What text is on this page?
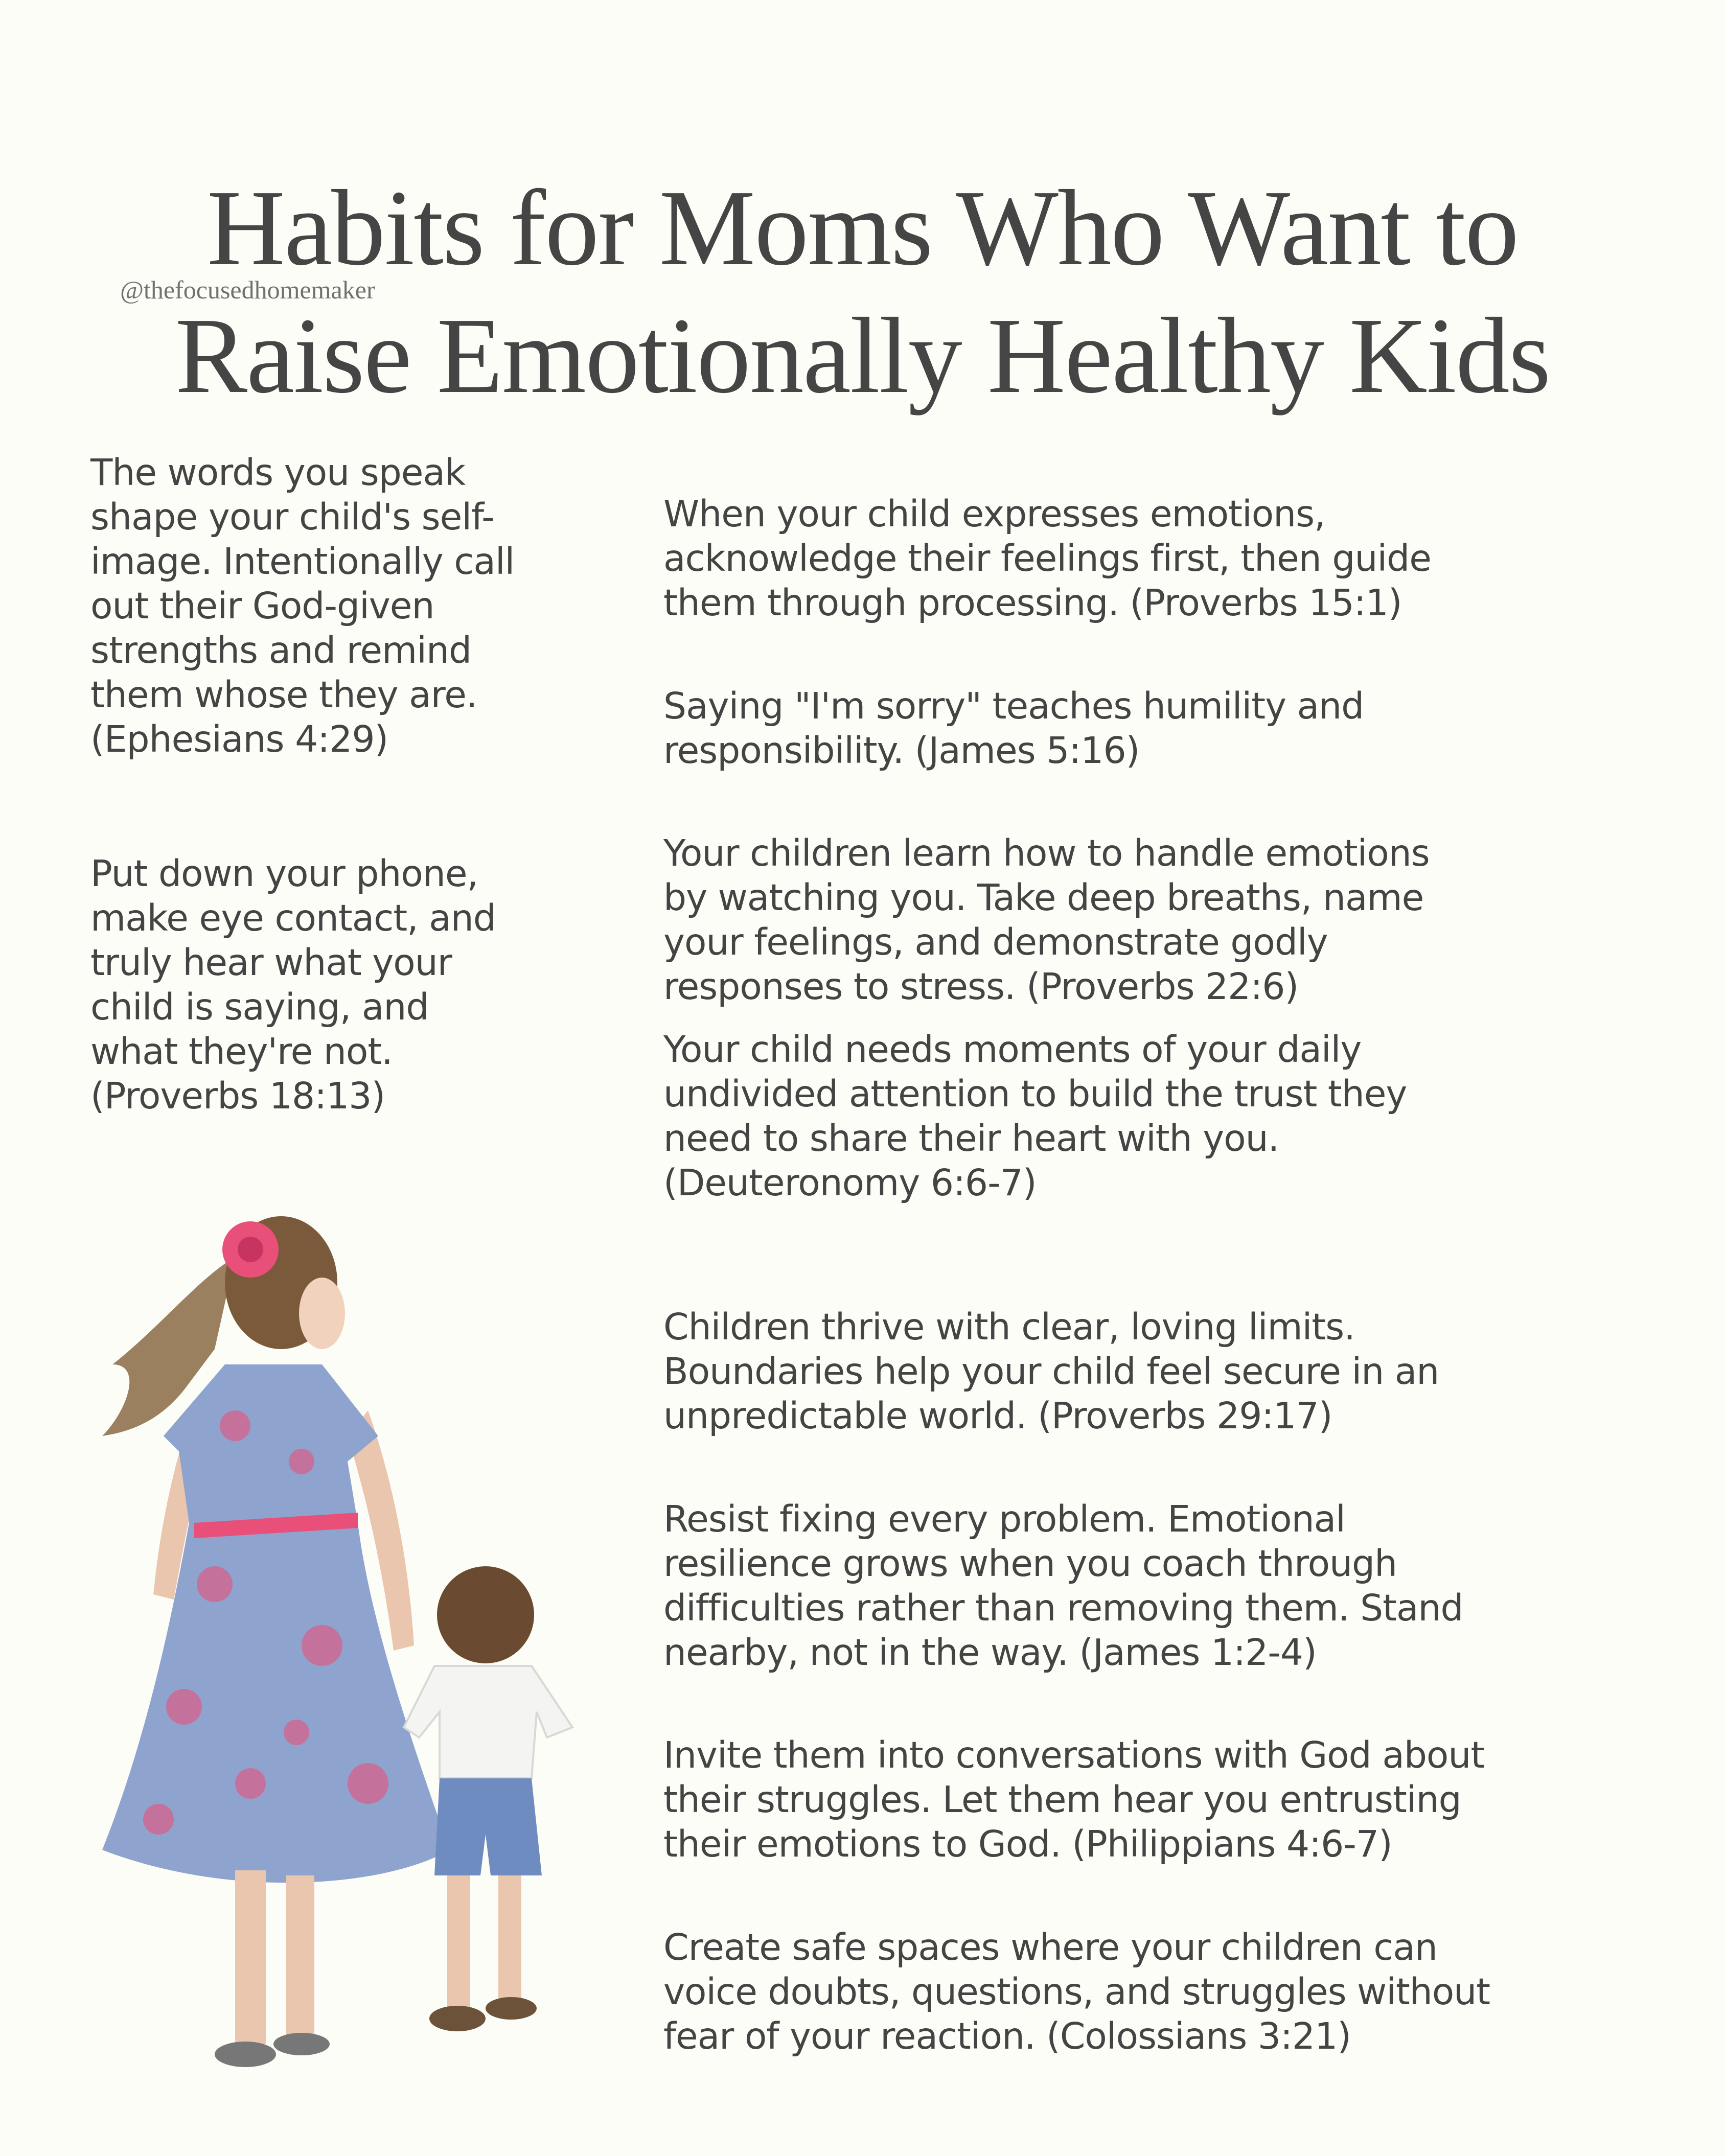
Habits for Moms Who Want to
@thefocusedhomemaker
Raise Emotionally Healthy Kids
The words you speak
shape your child's self-
image. Intentionally call
out their God-given
strengths and remind
them whose they are.
(Ephesians 4:29)
Put down your phone,
make eye contact, and
truly hear what your
child is saying, and
what they're not.
(Proverbs 18:13)
When your child expresses emotions,
acknowledge their feelings first, then guide
them through processing. (Proverbs 15:1)
Saying "I'm sorry" teaches humility and
responsibility. (James 5:16)
Your children learn how to handle emotions
by watching you. Take deep breaths, name
your feelings, and demonstrate godly
responses to stress. (Proverbs 22:6)
Your child needs moments of your daily
undivided attention to build the trust they
need to share their heart with you.
(Deuteronomy 6:6-7)
Children thrive with clear, loving limits.
Boundaries help your child feel secure in an
unpredictable world. (Proverbs 29:17)
Resist fixing every problem. Emotional
resilience grows when you coach through
difficulties rather than removing them. Stand
nearby, not in the way. (James 1:2-4)
Invite them into conversations with God about
their struggles. Let them hear you entrusting
their emotions to God. (Philippians 4:6-7)
Create safe spaces where your children can
voice doubts, questions, and struggles without
fear of your reaction. (Colossians 3:21)
